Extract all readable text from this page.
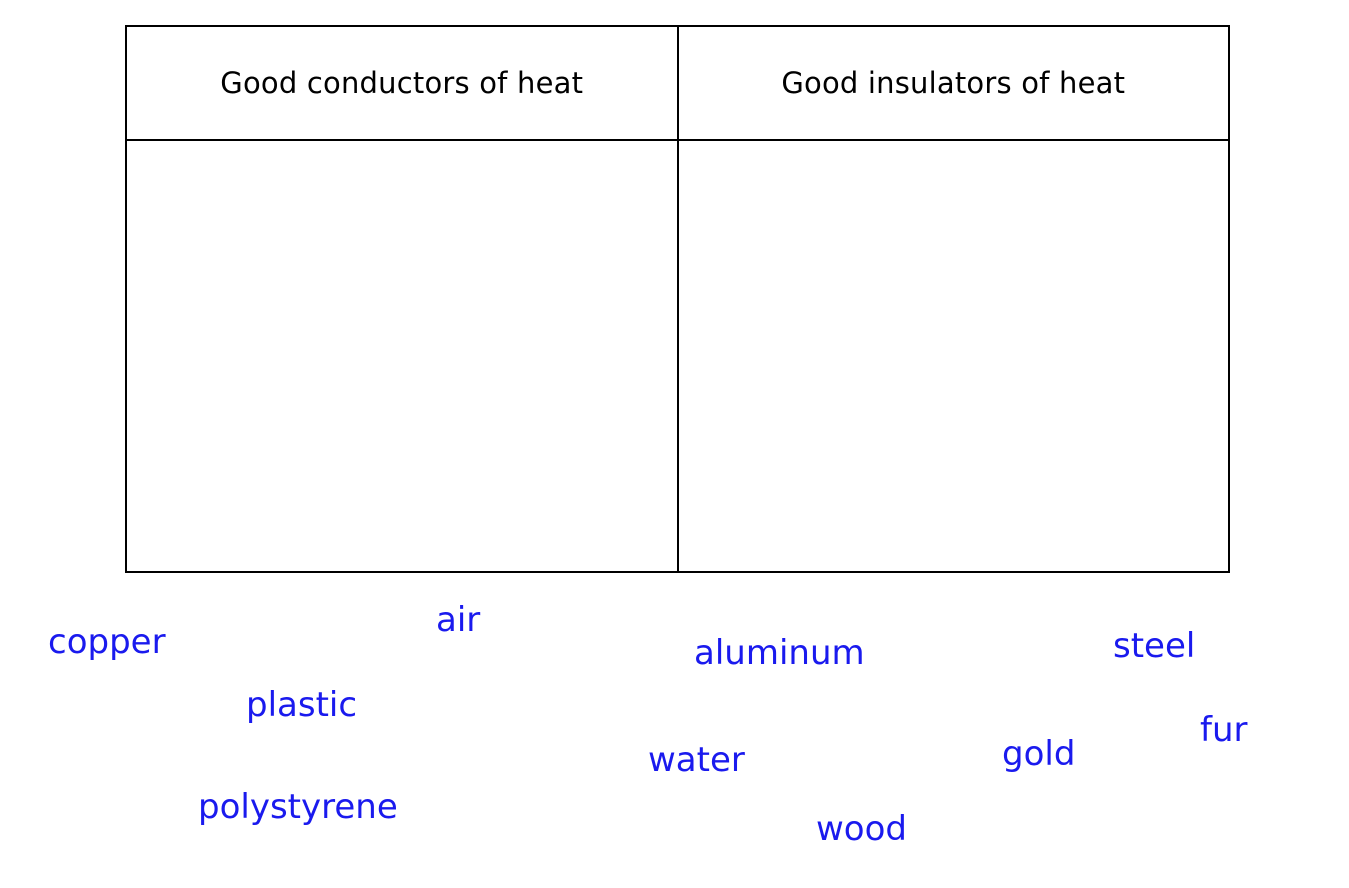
Good conductors of heat	Good insulators of heat

copper
air
aluminum	steel
plastic
fur
water	gold
polystyrene
wood
